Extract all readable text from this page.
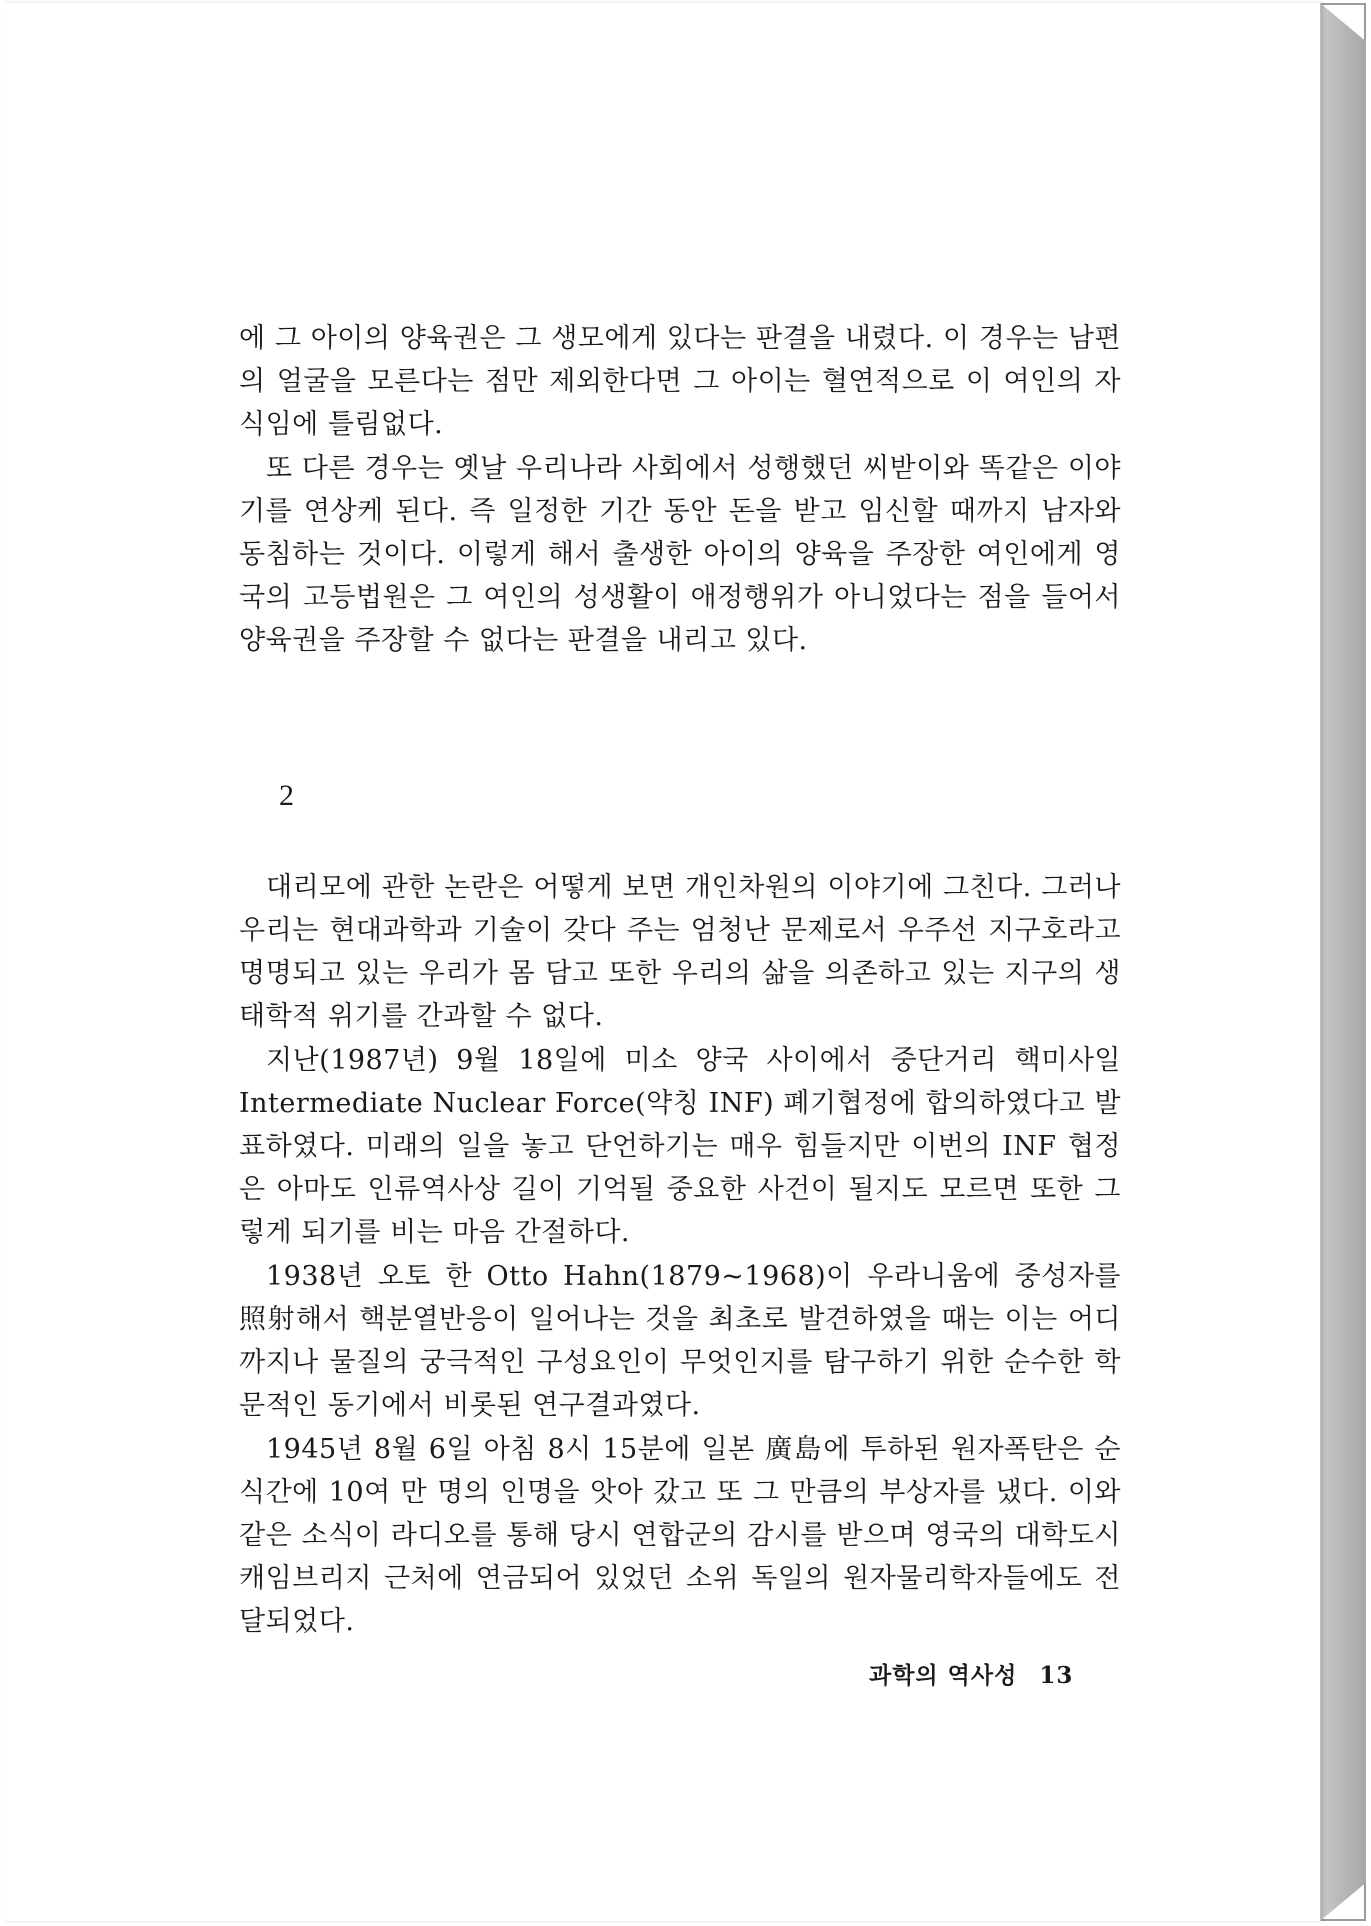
에 그 아이의 양육권은 그 생모에게 있다는 판결을 내렸다. 이 경우는 남편의 얼굴을 모른다는 점만 제외한다면 그 아이는 혈연적으로 이 여인의 자식임에 틀림없다.

또 다른 경우는 옛날 우리나라 사회에서 성행했던 씨받이와 똑같은 이야기를 연상케 된다. 즉 일정한 기간 동안 돈을 받고 임신할 때까지 남자와 동침하는 것이다. 이렇게 해서 출생한 아이의 양육을 주장한 여인에게 영국의 고등법원은 그 여인의 성생활이 애정행위가 아니었다는 점을 들어서 양육권을 주장할 수 없다는 판결을 내리고 있다.

2

대리모에 관한 논란은 어떻게 보면 개인차원의 이야기에 그친다. 그러나 우리는 현대과학과 기술이 갖다 주는 엄청난 문제로서 우주선 지구호라고 명명되고 있는 우리가 몸 담고 또한 우리의 삶을 의존하고 있는 지구의 생태학적 위기를 간과할 수 없다.

지난(1987년) 9월 18일에 미소 양국 사이에서 중단거리 핵미사일 Intermediate Nuclear Force(약칭 INF) 폐기협정에 합의하였다고 발표하였다. 미래의 일을 놓고 단언하기는 매우 힘들지만 이번의 INF 협정은 아마도 인류역사상 길이 기억될 중요한 사건이 될지도 모르면 또한 그렇게 되기를 비는 마음 간절하다.

1938년 오토 한 Otto Hahn(1879~1968)이 우라니움에 중성자를 照射해서 핵분열반응이 일어나는 것을 최초로 발견하였을 때는 이는 어디까지나 물질의 궁극적인 구성요인이 무엇인지를 탐구하기 위한 순수한 학문적인 동기에서 비롯된 연구결과였다.

1945년 8월 6일 아침 8시 15분에 일본 廣島에 투하된 원자폭탄은 순식간에 10여 만 명의 인명을 앗아 갔고 또 그 만큼의 부상자를 냈다. 이와 같은 소식이 라디오를 통해 당시 연합군의 감시를 받으며 영국의 대학도시 캐임브리지 근처에 연금되어 있었던 소위 독일의 원자물리학자들에도 전달되었다.

과학의 역사성 13
